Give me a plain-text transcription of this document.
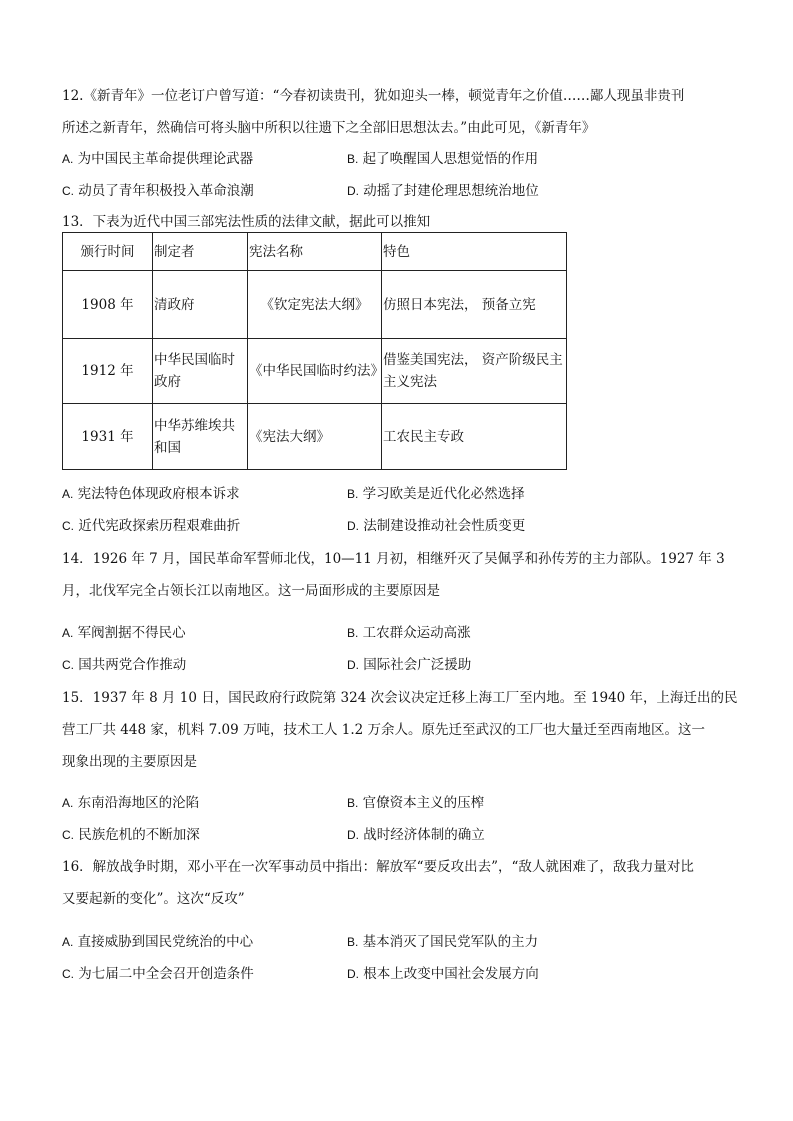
12.《新青年》一位老订户曾写道：“今春初读贵刊，犹如迎头一棒，顿觉青年之价值……鄙人现虽非贵刊
所述之新青年，然确信可将头脑中所积以往遗下之全部旧思想汰去。”由此可见，《新青年》
A. 为中国民主革命提供理论武器	B. 起了唤醒国人思想觉悟的作用
C. 动员了青年积极投入革命浪潮	D. 动摇了封建伦理思想统治地位
13．下表为近代中国三部宪法性质的法律文献，据此可以推知
颁行时间	制定者	宪法名称	特色
1908 年	清政府	《钦定宪法大纲》	仿照日本宪法， 预备立宪
1912 年	中华民国临时政府	《中华民国临时约法》	借鉴美国宪法， 资产阶级民主主义宪法
1931 年	中华苏维埃共和国	《宪法大纲》	工农民主专政
A. 宪法特色体现政府根本诉求	B. 学习欧美是近代化必然选择
C. 近代宪政探索历程艰难曲折	D. 法制建设推动社会性质变更
14．1926 年 7 月，国民革命军誓师北伐，10—11 月初，相继歼灭了吴佩孚和孙传芳的主力部队。1927 年 3
月，北伐军完全占领长江以南地区。这一局面形成的主要原因是
A. 军阀割据不得民心	B. 工农群众运动高涨
C. 国共两党合作推动	D. 国际社会广泛援助
15．1937 年 8 月 10 日，国民政府行政院第 324 次会议决定迁移上海工厂至内地。至 1940 年，上海迁出的民
营工厂共 448 家，机料 7.09 万吨，技术工人 1.2 万余人。原先迁至武汉的工厂也大量迁至西南地区。这一
现象出现的主要原因是
A. 东南沿海地区的沦陷	B. 官僚资本主义的压榨
C. 民族危机的不断加深	D. 战时经济体制的确立
16．解放战争时期，邓小平在一次军事动员中指出：解放军“要反攻出去”，“敌人就困难了，敌我力量对比
又要起新的变化”。这次“反攻”
A. 直接威胁到国民党统治的中心	B. 基本消灭了国民党军队的主力
C. 为七届二中全会召开创造条件	D. 根本上改变中国社会发展方向
